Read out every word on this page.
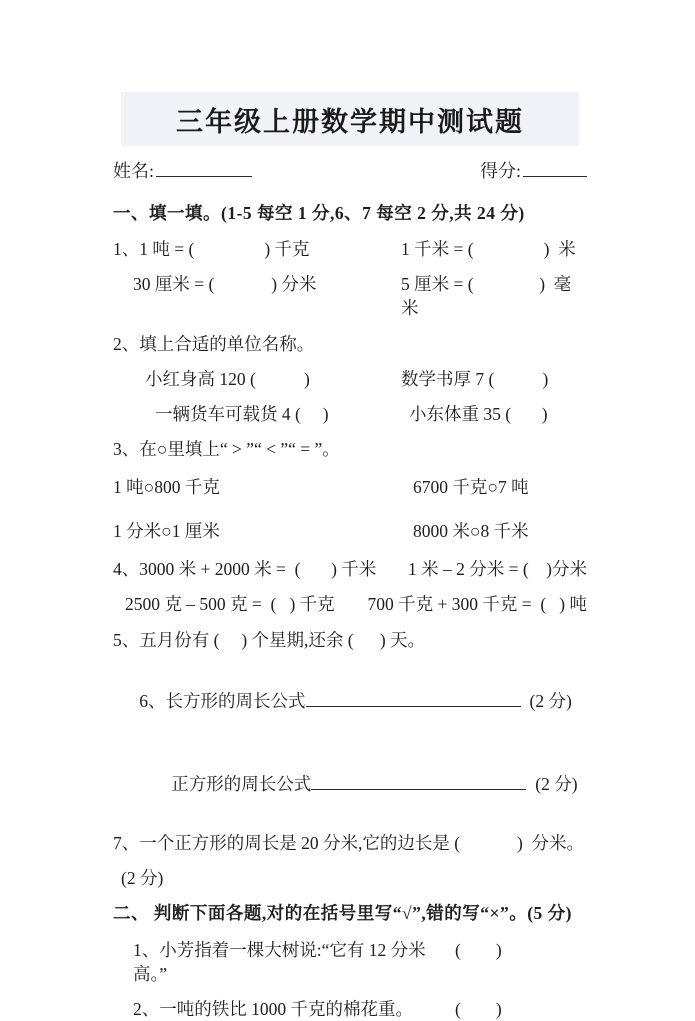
三年级上册数学期中测试题
姓名:	得分:
一、填一填。(1-5 每空 1 分,6、7 每空 2 分,共 24 分)
1、1 吨 = (                ) 千克	1 千米 = (                )  米
30 厘米 = (             ) 分米	5 厘米 = (               )  毫米
2、填上合适的单位名称。
小红身高 120 (           )	数学书厚 7 (           )
一辆货车可载货 4 (     )	小东体重 35 (       )
3、在○里填上“ > ”“ < ”“ = ”。
1 吨○800 千克	6700 千克○7 吨
1 分米○1 厘米	8000 米○8 千米
4、3000 米 + 2000 米 =  (       ) 千米 1 米 – 2 分米 = (    )分米
2500 克 – 500 克 =  (   ) 千克 700 千克 + 300 千克 =  (   ) 吨
5、五月份有 (     ) 个星期,还余 (      ) 天。

6、长方形的周长公式	(2 分)

正方形的周长公式	(2 分)

7、一个正方形的周长是 20 分米,它的边长是 (             )  分米。
(2 分)
二、 判断下面各题,对的在括号里写“√”,错的写“×”。(5 分)
1、小芳指着一棵大树说:“它有 12 分米高。”
(        )
2、一吨的铁比 1000 千克的棉花重。	(        )
